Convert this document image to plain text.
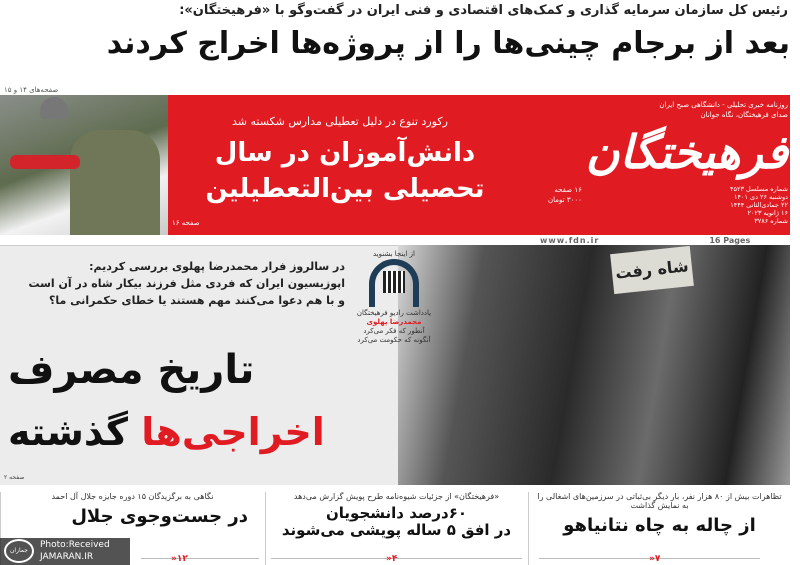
رئیس کل سازمان سرمایه گذاری و کمک‌های اقتصادی و فنی ایران در گفت‌وگو با «فرهیختگان»:
بعد از برجام چینی‌ها را از پروژه‌ها اخراج کردند
صفحه‌های ۱۴ و ۱۵
رکورد تنوع در دلیل تعطیلی مدارس شکسته شد
دانش‌آموزان در سال
تحصیلی بین‌التعطیلین
صفحه ۱۶
فرهیختگان
روزنامه خبری تحلیلی - دانشگاهی صبح ایران
صدای فرهیختگان، نگاه جوانان
۱۶ صفحه
۳۰۰۰ تومان
شماره مسلسل ۴۵۲۳
دوشنبه ۲۶ دی ۱۴۰۱
۲۲ جمادی‌الثانی ۱۴۴۴
۱۶ ژانویه ۲۰۲۳
شماره ۳۷۸۶
www.fdn.ir	16 Pages
شاه رفت
در سالروز فرار محمدرضا پهلوی بررسی کردیم:
اپوزیسیون ایران که فردی مثل فرزند بیکار شاه در آن است
و با هم دعوا می‌کنند مهم هستند یا خطای حکمرانی ما؟
از اینجا بشنوید
یادداشت رادیو فرهیختگان
محمدرضا پهلوی
آنطور که فکر می‌کرد
آنگونه که حکومت می‌کرد
تاریخ مصرف
اخراجی‌ها گذشته
صفحه ۲
تظاهرات بیش از ۸۰ هزار نفر، بار دیگر بی‌ثباتی در سرزمین‌های اشغالی را به نمایش گذاشت
از چاله به چاه نتانیاهو
۷«
«فرهیختگان» از جزئیات شیوه‌نامه طرح پویش گزارش می‌دهد
۶۰درصد دانشجویان
در افق ۵ ساله پویشی می‌شوند
۴«
نگاهی به برگزیدگان ۱۵ دوره جایزه جلال آل احمد
در جست‌وجوی جلال
۱۲«
جماران
Photo:Received
JAMARAN.IR
